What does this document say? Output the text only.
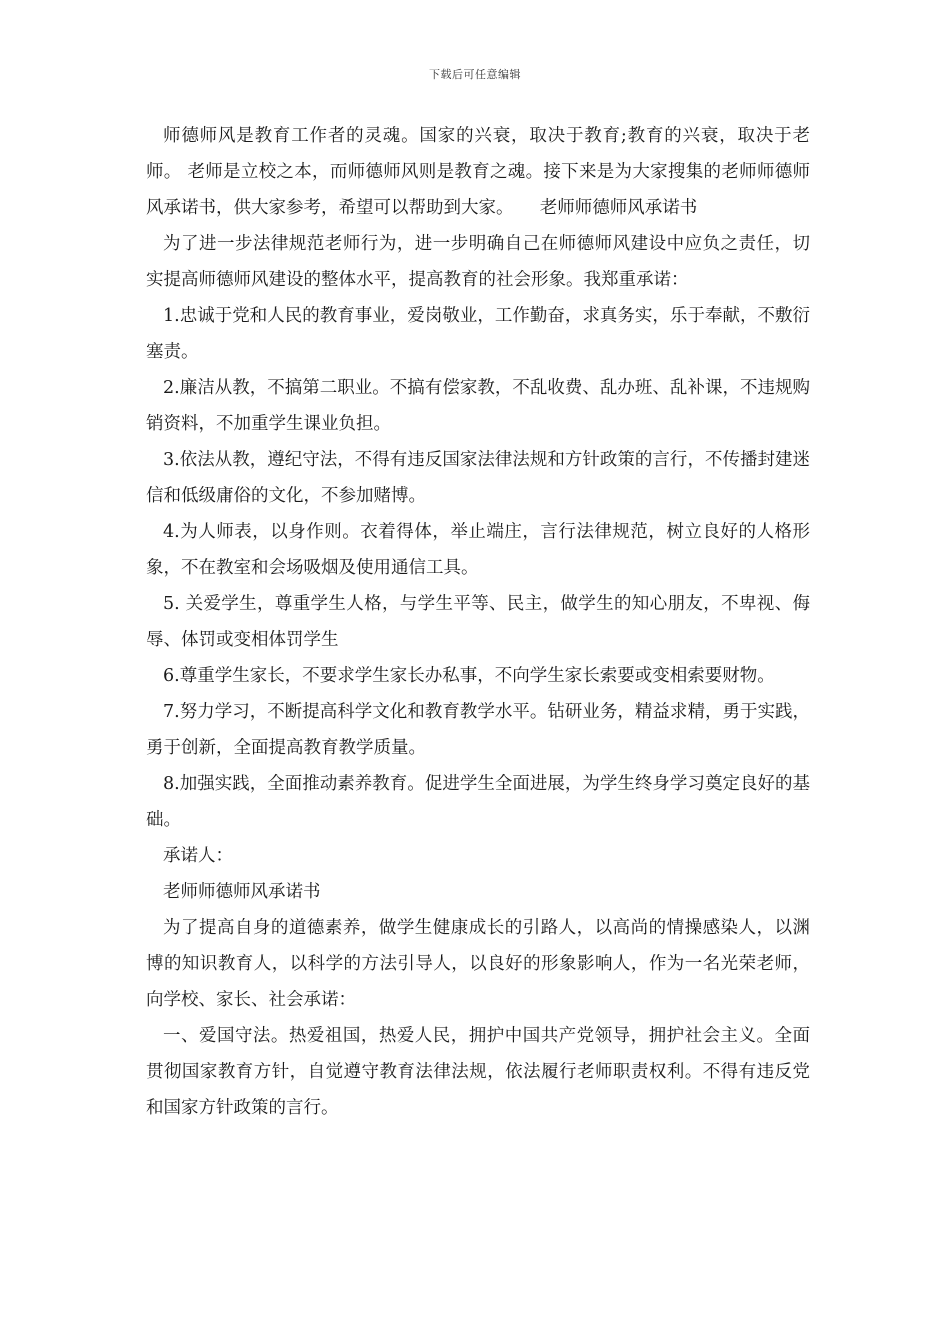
下载后可任意编辑

师德师风是教育工作者的灵魂。国家的兴衰，取决于教育;教育的兴衰，取决于老师。 老师是立校之本，而师德师风则是教育之魂。接下来是为大家搜集的老师师德师风承诺书，供大家参考，希望可以帮助到大家。　　老师师德师风承诺书

为了进一步法律规范老师行为，进一步明确自己在师德师风建设中应负之责任，切实提高师德师风建设的整体水平，提高教育的社会形象。我郑重承诺：

1.忠诚于党和人民的教育事业，爱岗敬业，工作勤奋，求真务实，乐于奉献，不敷衍塞责。

2.廉洁从教，不搞第二职业。不搞有偿家教，不乱收费、乱办班、乱补课，不违规购销资料，不加重学生课业负担。

3.依法从教，遵纪守法，不得有违反国家法律法规和方针政策的言行，不传播封建迷信和低级庸俗的文化，不参加赌博。

4.为人师表，以身作则。衣着得体，举止端庄，言行法律规范，树立良好的人格形象，不在教室和会场吸烟及使用通信工具。

5. 关爱学生，尊重学生人格，与学生平等、民主，做学生的知心朋友，不卑视、侮辱、体罚或变相体罚学生

6.尊重学生家长，不要求学生家长办私事，不向学生家长索要或变相索要财物。

7.努力学习，不断提高科学文化和教育教学水平。钻研业务，精益求精，勇于实践，勇于创新，全面提高教育教学质量。

8.加强实践，全面推动素养教育。促进学生全面进展，为学生终身学习奠定良好的基础。

承诺人：

老师师德师风承诺书

为了提高自身的道德素养，做学生健康成长的引路人，以高尚的情操感染人，以渊博的知识教育人，以科学的方法引导人，以良好的形象影响人，作为一名光荣老师，向学校、家长、社会承诺：

一、爱国守法。热爱祖国，热爱人民，拥护中国共产党领导，拥护社会主义。全面贯彻国家教育方针，自觉遵守教育法律法规，依法履行老师职责权利。不得有违反党和国家方针政策的言行。
